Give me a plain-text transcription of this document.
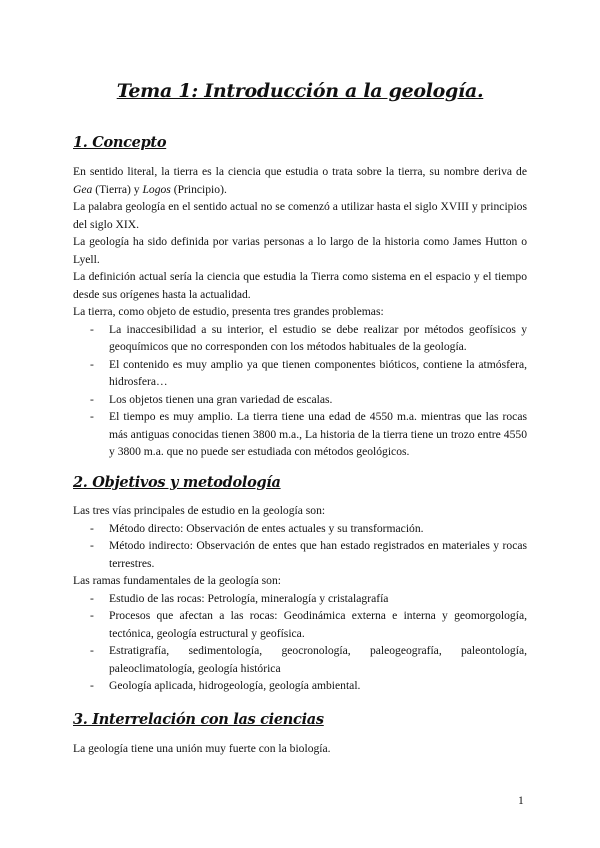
Tema 1: Introducción a la geología.
1. Concepto

En sentido literal, la tierra es la ciencia que estudia o trata sobre la tierra, su nombre deriva de Gea (Tierra) y Logos (Principio).

La palabra geología en el sentido actual no se comenzó a utilizar hasta el siglo XVIII y principios del siglo XIX.

La geología ha sido definida por varias personas a lo largo de la historia como James Hutton o Lyell.

La definición actual sería la ciencia que estudia la Tierra como sistema en el espacio y el tiempo desde sus orígenes hasta la actualidad.

La tierra, como objeto de estudio, presenta tres grandes problemas:

- La inaccesibilidad a su interior, el estudio se debe realizar por métodos geofísicos y geoquímicos que no corresponden con los métodos habituales de la geología.
- El contenido es muy amplio ya que tienen componentes bióticos, contiene la atmósfera, hidrosfera…
- Los objetos tienen una gran variedad de escalas.
- El tiempo es muy amplio. La tierra tiene una edad de 4550 m.a. mientras que las rocas más antiguas conocidas tienen 3800 m.a., La historia de la tierra tiene un trozo entre 4550 y 3800 m.a. que no puede ser estudiada con métodos geológicos.
2. Objetivos y metodología

Las tres vías principales de estudio en la geología son:

- Método directo: Observación de entes actuales y su transformación.
- Método indirecto: Observación de entes que han estado registrados en materiales y rocas terrestres.

Las ramas fundamentales de la geología son:

- Estudio de las rocas: Petrología, mineralogía y cristalagrafía
- Procesos que afectan a las rocas: Geodinámica externa e interna y geomorgología, tectónica, geología estructural y geofísica.
- Estratigrafía, sedimentología, geocronología, paleogeografía, paleontología, paleoclimatología, geología histórica
- Geología aplicada, hidrogeología, geología ambiental.
3. Interrelación con las ciencias

La geología tiene una unión muy fuerte con la biología.

1
